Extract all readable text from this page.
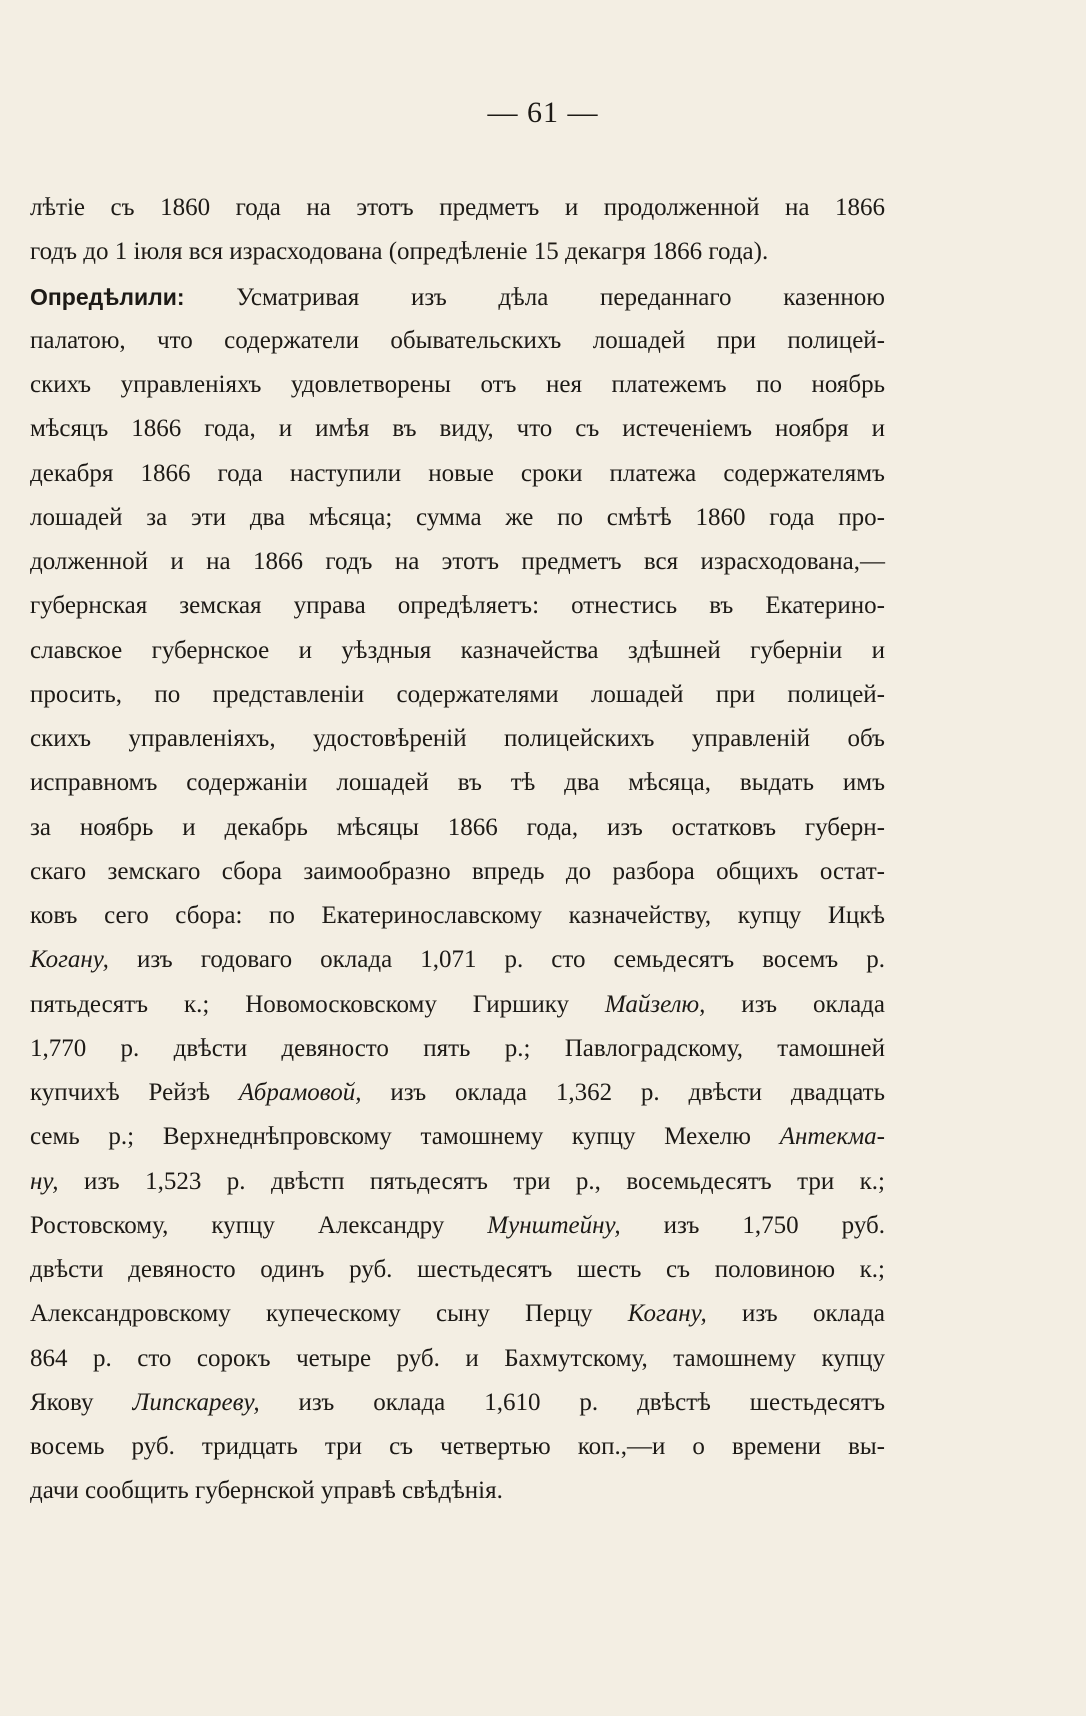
— 61 —
лѣтіе съ 1860 года на этотъ предметъ и продолженной на 1866
годъ до 1 іюля вся израсходована (опредѣленіе 15 декагря 1866 года).
Опредѣлили: Усматривая изъ дѣла переданнаго казенною
палатою, что содержатели обывательскихъ лошадей при полицей-
скихъ управленіяхъ удовлетворены отъ нея платежемъ по ноябрь
мѣсяцъ 1866 года, и имѣя въ виду, что съ истеченіемъ ноября и
декабря 1866 года наступили новые сроки платежа содержателямъ
лошадей за эти два мѣсяца; сумма же по смѣтѣ 1860 года про-
долженной и на 1866 годъ на этотъ предметъ вся израсходована,—
губернская земская управа опредѣляетъ: отнестись въ Екатерино-
славское губернское и уѣздныя казначейства здѣшней губерніи и
просить, по представленіи содержателями лошадей при полицей-
скихъ управленіяхъ, удостовѣреній полицейскихъ управленій объ
исправномъ содержаніи лошадей въ тѣ два мѣсяца, выдать имъ
за ноябрь и декабрь мѣсяцы 1866 года, изъ остатковъ губерн-
скаго земскаго сбора заимообразно впредь до разбора общихъ остат-
ковъ сего сбора: по Екатеринославскому казначейству, купцу Ицкѣ
Когану, изъ годоваго оклада 1,071 р. сто семьдесятъ восемъ р.
пятьдесятъ к.; Новомосковскому Гиршику Майзелю, изъ оклада
1,770 р. двѣсти девяносто пять р.; Павлоградскому, тамошней
купчихѣ Рейзѣ Абрамовой, изъ оклада 1,362 р. двѣсти двадцать
семь р.; Верхнеднѣпровскому тамошнему купцу Мехелю Антекма-
ну, изъ 1,523 р. двѣстп пятьдесятъ три р., восемьдесятъ три к.;
Ростовскому, купцу Александру Мунштейну, изъ 1,750 руб.
двѣсти девяносто одинъ руб. шестьдесятъ шесть съ половиною к.;
Александровскому купеческому сыну Перцу Когану, изъ оклада
864 р. сто сорокъ четыре руб. и Бахмутскому, тамошнему купцу
Якову Липскареву, изъ оклада 1,610 р. двѣстѣ шестьдесятъ
восемь руб. тридцать три съ четвертью коп.,—и о времени вы-
дачи сообщить губернской управѣ свѣдѣнія.
